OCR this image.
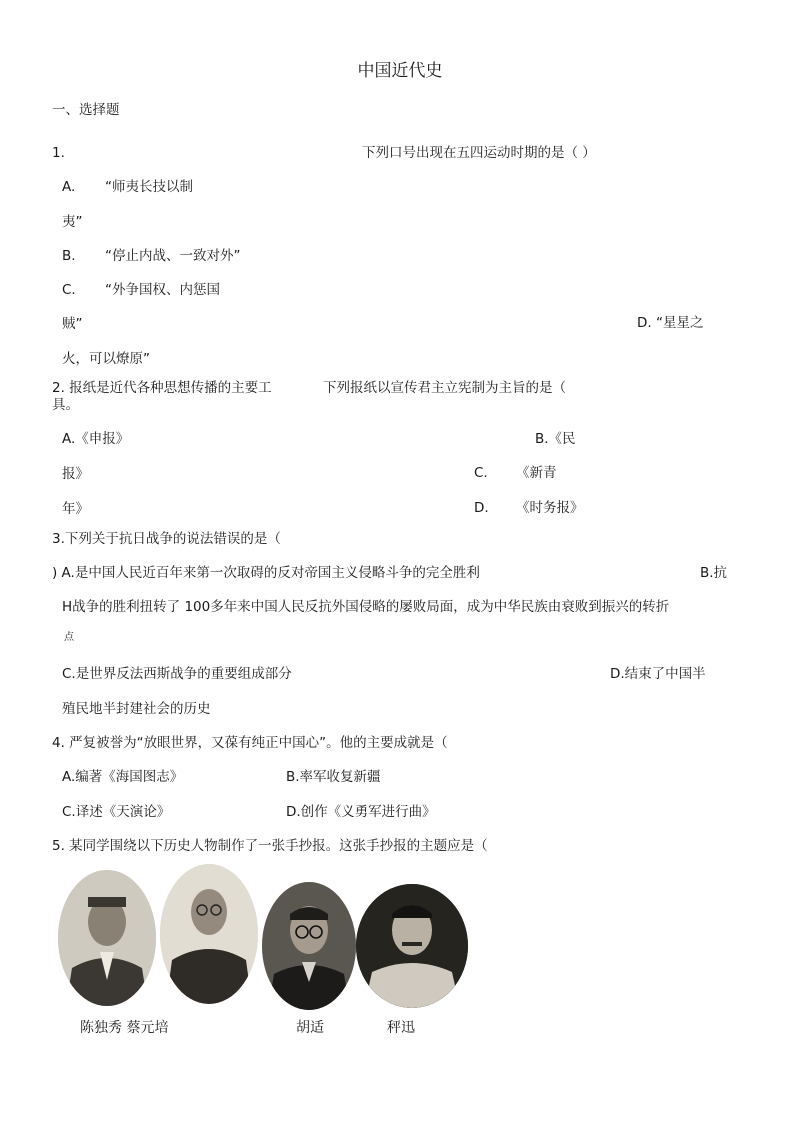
中国近代史
一、选择题
1.	下列口号出现在五四运动时期的是（ ）
A. “师夷长技以制
夷”
B. “停止内战、一致对外”
C. “外争国权、内惩国
贼”	D. “星星之
火，可以燎原”
2. 报纸是近代各种思想传播的主要工	下列报纸以宣传君主立宪制为主旨的是（
具。
A.《申报》	B.《民
报》	C. 《新青
年》	D. 《时务报》
3.下列关于抗日战争的说法错误的是（
) A.是中国人民近百年来第一次取碍的反对帝国主义侵略斗争的完全胜利	B.抗
H战争的胜利扭转了 100多年来中国人民反抗外国侵略的屡败局面，成为中华民族由衰败到振兴的转折
点
C.是世界反法西斯战争的重要组成部分	D.结束了中国半
殖民地半封建社会的历史
4. 严复被誉为“放眼世界，又葆有纯正中国心”。他的主要成就是（
A.编著《海国图志》	B.率军收复新疆
C.译述《天演论》	D.创作《义勇军进行曲》
5. 某同学围绕以下历史人物制作了一张手抄报。这张手抄报的主题应是（
陈独秀 蔡元培	胡适	秤迅
